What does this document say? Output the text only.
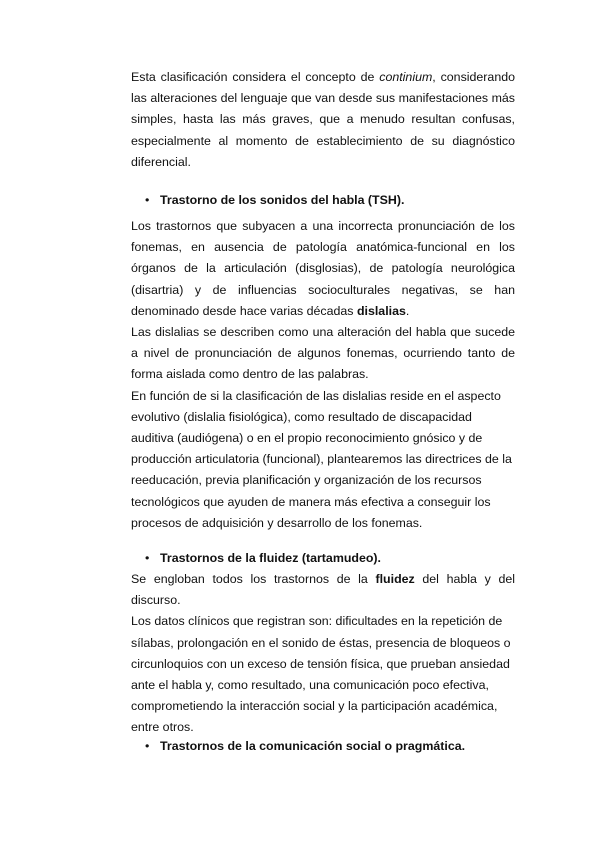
Esta clasificación considera el concepto de continium, considerando las alteraciones del lenguaje que van desde sus manifestaciones más simples, hasta las más graves, que a menudo resultan confusas, especialmente al momento de establecimiento de su diagnóstico diferencial.

• Trastorno de los sonidos del habla (TSH).

Los trastornos que subyacen a una incorrecta pronunciación de los fonemas, en ausencia de patología anatómica-funcional en los órganos de la articulación (disglosias), de patología neurológica (disartria) y de influencias socioculturales negativas, se han denominado desde hace varias décadas dislalias.

Las dislalias se describen como una alteración del habla que sucede a nivel de pronunciación de algunos fonemas, ocurriendo tanto de forma aislada como dentro de las palabras.

En función de si la clasificación de las dislalias reside en el aspecto evolutivo (dislalia fisiológica), como resultado de discapacidad auditiva (audiógena) o en el propio reconocimiento gnósico y de producción articulatoria (funcional), plantearemos las directrices de la reeducación, previa planificación y organización de los recursos tecnológicos que ayuden de manera más efectiva a conseguir los procesos de adquisición y desarrollo de los fonemas.

• Trastornos de la fluidez (tartamudeo).

Se engloban todos los trastornos de la fluidez del habla y del discurso.

Los datos clínicos que registran son: dificultades en la repetición de sílabas, prolongación en el sonido de éstas, presencia de bloqueos o circunloquios con un exceso de tensión física, que prueban ansiedad ante el habla y, como resultado, una comunicación poco efectiva, comprometiendo la interacción social y la participación académica, entre otros.

• Trastornos de la comunicación social o pragmática.
